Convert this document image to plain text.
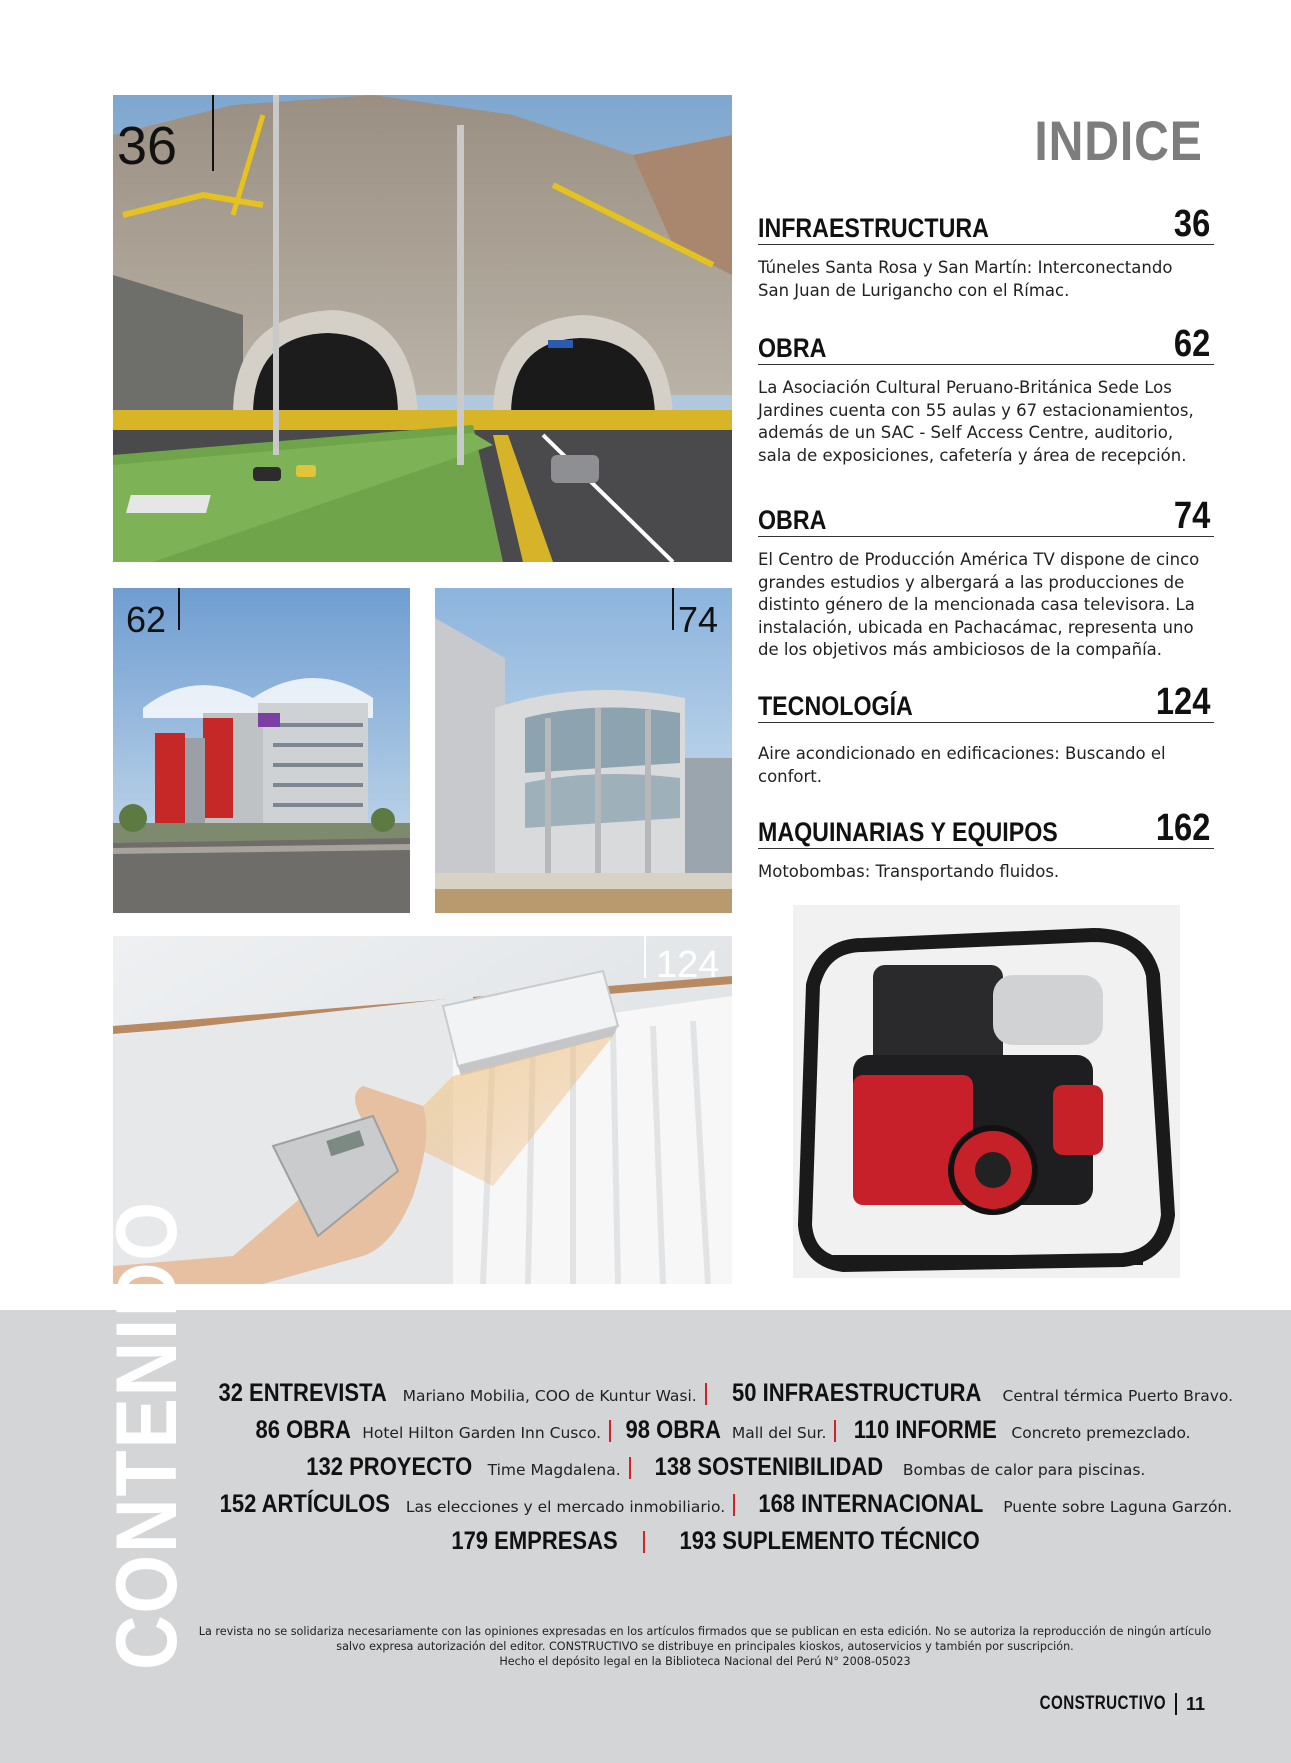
36
62	74
124
INDICE
INFRAESTRUCTURA	36
Túneles Santa Rosa y San Martín: Interconectando San Juan de Lurigancho con el Rímac.
OBRA	62
La Asociación Cultural Peruano-Británica Sede Los Jardines cuenta con 55 aulas y 67 estacionamientos, además de un SAC - Self Access Centre, auditorio, sala de exposiciones, cafetería y área de recepción.
OBRA	74
El Centro de Producción América TV dispone de cinco grandes estudios y albergará a las producciones de distinto género de la mencionada casa televisora. La instalación, ubicada en Pachacámac, representa uno de los objetivos más ambiciosos de la compañía.
TECNOLOGÍA	124
Aire acondicionado en edificaciones: Buscando el confort.
MAQUINARIAS Y EQUIPOS	162
Motobombas: Transportando fluidos.
CONTENIDO 32 ENTREVISTA Mariano Mobilia, COO de Kuntur Wasi. 50 INFRAESTRUCTURA Central térmica Puerto Bravo.
86 OBRA Hotel Hilton Garden Inn Cusco. 98 OBRA Mall del Sur. 110 INFORME Concreto premezclado.
132 PROYECTO Time Magdalena. 138 SOSTENIBILIDAD Bombas de calor para piscinas.
152 ARTÍCULOS Las elecciones y el mercado inmobiliario. 168 INTERNACIONAL Puente sobre Laguna Garzón.
179 EMPRESAS 193 SUPLEMENTO TÉCNICO
La revista no se solidariza necesariamente con las opiniones expresadas en los artículos firmados que se publican en esta edición. No se autoriza la reproducción de ningún artículo
salvo expresa autorización del editor. CONSTRUCTIVO se distribuye en principales kioskos, autoservicios y también por suscripción.
Hecho el depósito legal en la Biblioteca Nacional del Perú N° 2008-05023
CONSTRUCTIVO 11
